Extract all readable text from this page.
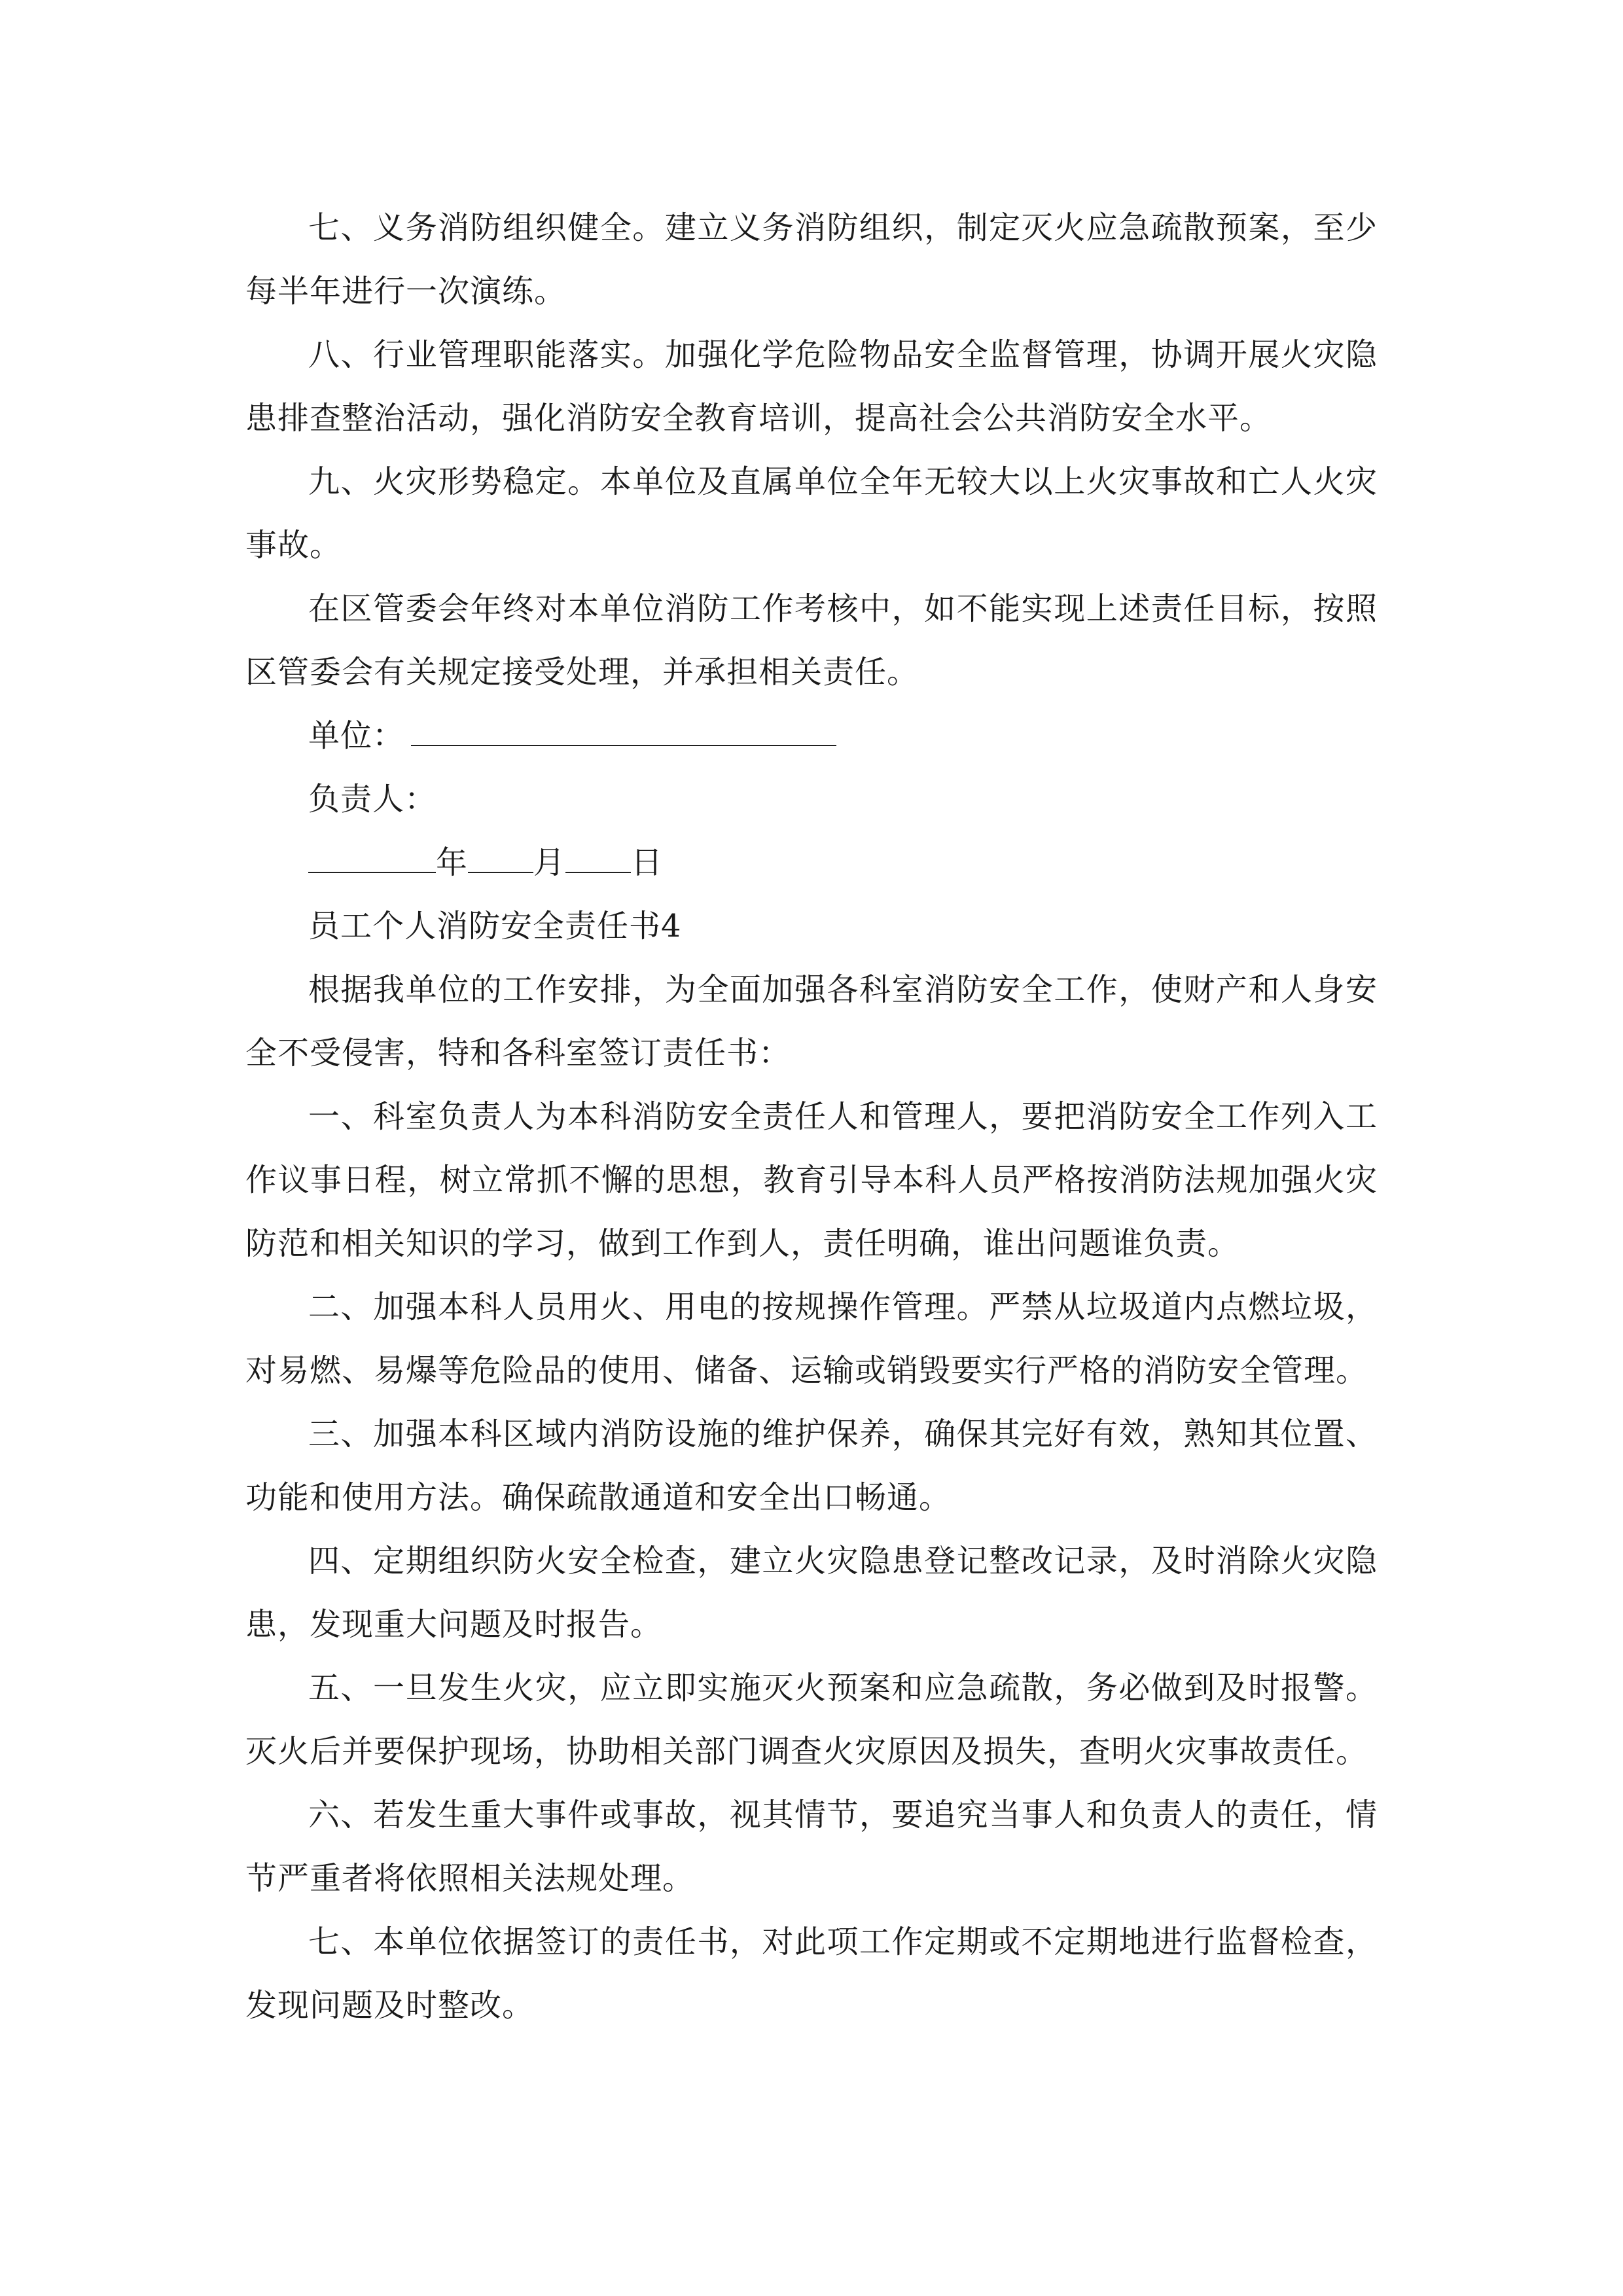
七、义务消防组织健全。建立义务消防组织，制定灭火应急疏散预案，至少每半年进行一次演练。

八、行业管理职能落实。加强化学危险物品安全监督管理，协调开展火灾隐患排查整治活动，强化消防安全教育培训，提高社会公共消防安全水平。

九、火灾形势稳定。本单位及直属单位全年无较大以上火灾事故和亡人火灾事故。

在区管委会年终对本单位消防工作考核中，如不能实现上述责任目标，按照区管委会有关规定接受处理，并承担相关责任。

单位：

负责人：

年 月 日

员工个人消防安全责任书4

根据我单位的工作安排，为全面加强各科室消防安全工作，使财产和人身安全不受侵害，特和各科室签订责任书：

一、科室负责人为本科消防安全责任人和管理人，要把消防安全工作列入工作议事日程，树立常抓不懈的思想，教育引导本科人员严格按消防法规加强火灾防范和相关知识的学习，做到工作到人，责任明确，谁出问题谁负责。

二、加强本科人员用火、用电的按规操作管理。严禁从垃圾道内点燃垃圾，对易燃、易爆等危险品的使用、储备、运输或销毁要实行严格的消防安全管理。

三、加强本科区域内消防设施的维护保养，确保其完好有效，熟知其位置、功能和使用方法。确保疏散通道和安全出口畅通。

四、定期组织防火安全检查，建立火灾隐患登记整改记录，及时消除火灾隐患，发现重大问题及时报告。

五、一旦发生火灾，应立即实施灭火预案和应急疏散，务必做到及时报警。灭火后并要保护现场，协助相关部门调查火灾原因及损失，查明火灾事故责任。

六、若发生重大事件或事故，视其情节，要追究当事人和负责人的责任，情节严重者将依照相关法规处理。

七、本单位依据签订的责任书，对此项工作定期或不定期地进行监督检查，发现问题及时整改。
